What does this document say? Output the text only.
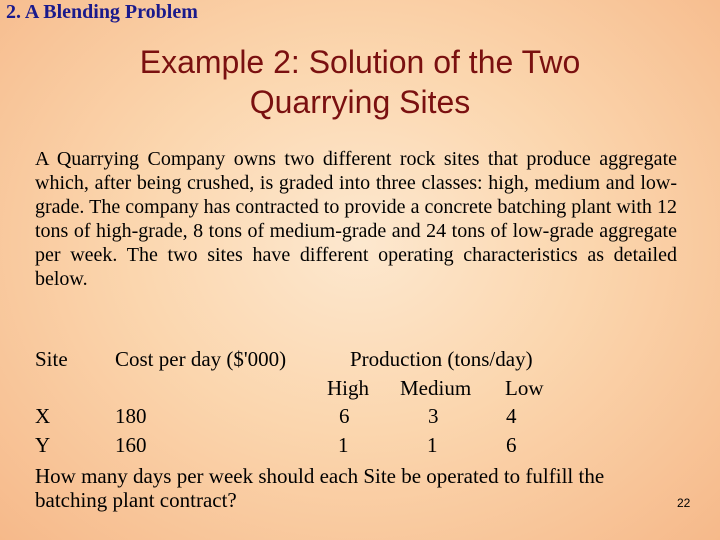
2. A Blending Problem
Example 2: Solution of the Two
Quarrying Sites
A Quarrying Company owns two different rock sites that produce aggregate which, after being crushed, is graded into three classes: high, medium and low-grade. The company has contracted to provide a concrete batching plant with 12 tons of high-grade, 8 tons of medium-grade and 24 tons of low-grade aggregate per week. The two sites have different operating characteristics as detailed below.
Site Cost per day ($'000)	Production (tons/day)
High Medium Low
X	180	6	3	4
Y	160	1	1	6
How many days per week should each Site be operated to fulfill the batching plant contract?	22
